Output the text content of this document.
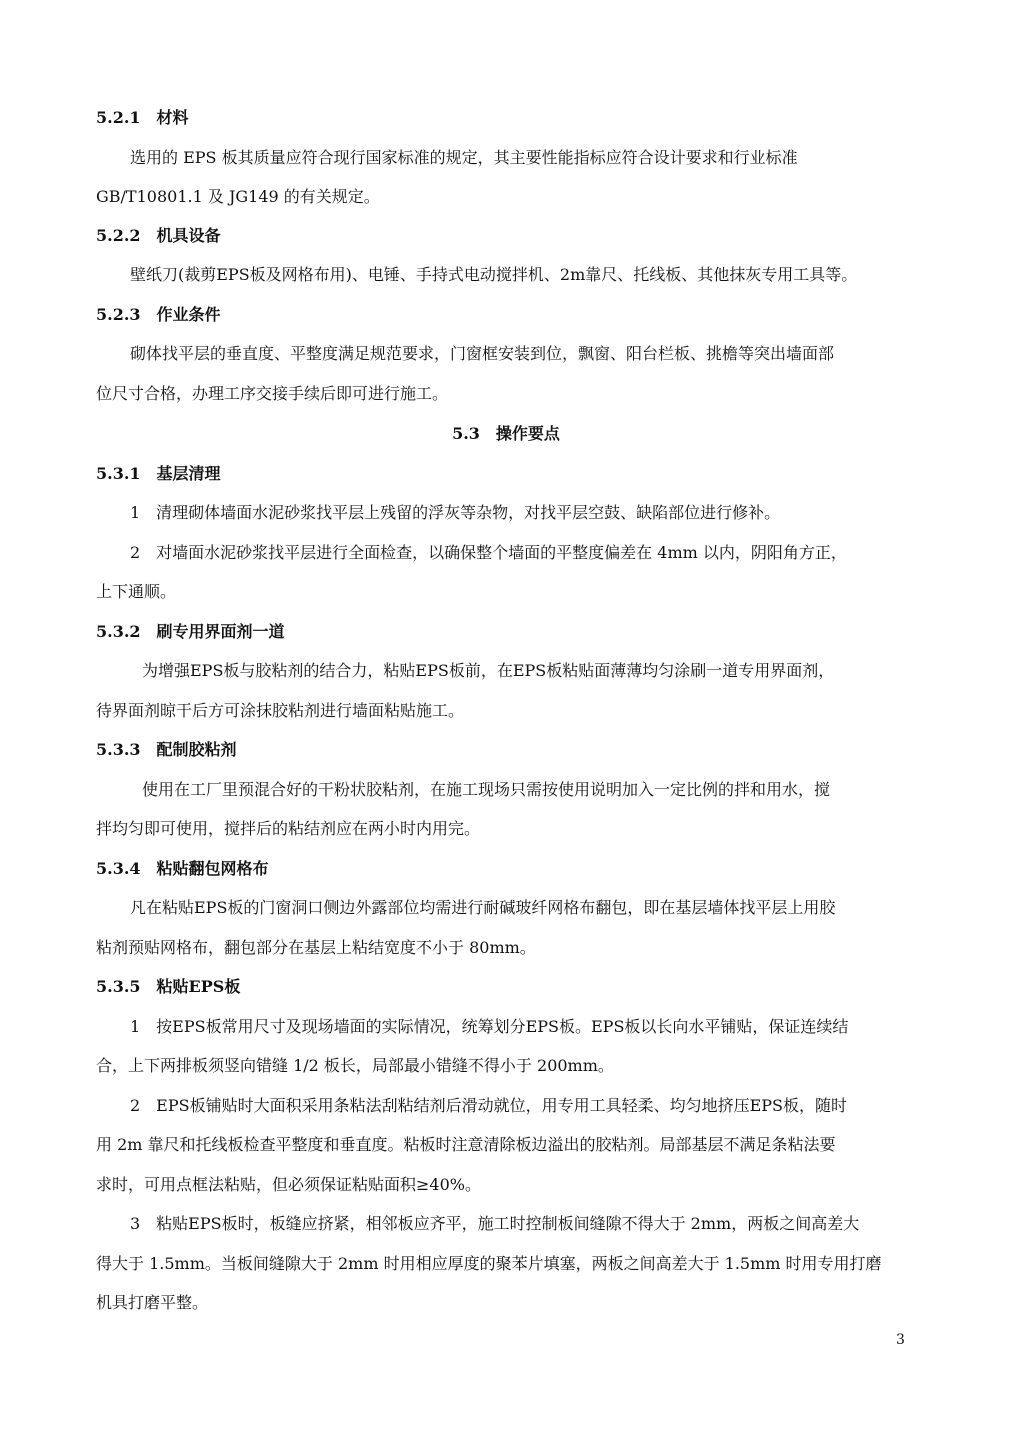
5.2.1　材料
选用的 EPS 板其质量应符合现行国家标准的规定，其主要性能指标应符合设计要求和行业标准
GB/T10801.1 及 JG149 的有关规定。
5.2.2　机具设备
壁纸刀(裁剪EPS板及网格布用)、电锤、手持式电动搅拌机、2m靠尺、托线板、其他抹灰专用工具等。
5.2.3　作业条件
砌体找平层的垂直度、平整度满足规范要求，门窗框安装到位，飘窗、阳台栏板、挑檐等突出墙面部
位尺寸合格，办理工序交接手续后即可进行施工。
5.3　操作要点
5.3.1　基层清理
1　清理砌体墙面水泥砂浆找平层上残留的浮灰等杂物，对找平层空鼓、缺陷部位进行修补。
2　对墙面水泥砂浆找平层进行全面检查，以确保整个墙面的平整度偏差在 4mm 以内，阴阳角方正，
上下通顺。
5.3.2　刷专用界面剂一道
为增强EPS板与胶粘剂的结合力，粘贴EPS板前，在EPS板粘贴面薄薄均匀涂刷一道专用界面剂，
待界面剂晾干后方可涂抹胶粘剂进行墙面粘贴施工。
5.3.3　配制胶粘剂
使用在工厂里预混合好的干粉状胶粘剂，在施工现场只需按使用说明加入一定比例的拌和用水，搅
拌均匀即可使用，搅拌后的粘结剂应在两小时内用完。
5.3.4　粘贴翻包网格布
凡在粘贴EPS板的门窗洞口侧边外露部位均需进行耐碱玻纤网格布翻包，即在基层墙体找平层上用胶
粘剂预贴网格布，翻包部分在基层上粘结宽度不小于 80mm。
5.3.5　粘贴EPS板
1　按EPS板常用尺寸及现场墙面的实际情况，统筹划分EPS板。EPS板以长向水平铺贴，保证连续结
合，上下两排板须竖向错缝 1/2 板长，局部最小错缝不得小于 200mm。
2　EPS板铺贴时大面积采用条粘法刮粘结剂后滑动就位，用专用工具轻柔、均匀地挤压EPS板，随时
用 2m 靠尺和托线板检查平整度和垂直度。粘板时注意清除板边溢出的胶粘剂。局部基层不满足条粘法要
求时，可用点框法粘贴，但必须保证粘贴面积≥40%。
3　粘贴EPS板时，板缝应挤紧，相邻板应齐平，施工时控制板间缝隙不得大于 2mm，两板之间高差大
得大于 1.5mm。当板间缝隙大于 2mm 时用相应厚度的聚苯片填塞，两板之间高差大于 1.5mm 时用专用打磨
机具打磨平整。
3
